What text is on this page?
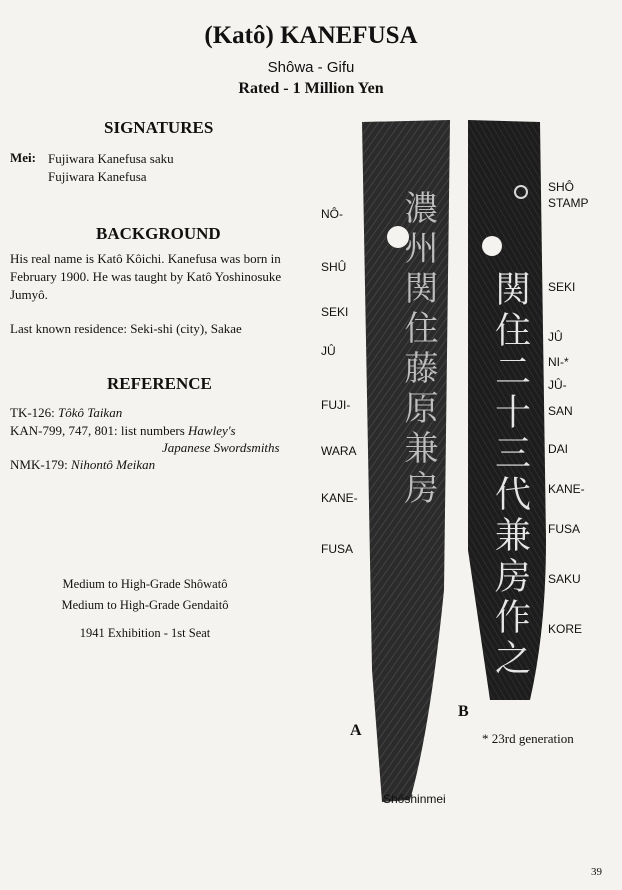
(Katô) KANEFUSA
Shôwa - Gifu
Rated - 1 Million Yen
SIGNATURES
Mei: Fujiwara Kanefusa saku
Fujiwara Kanefusa
BACKGROUND
His real name is Katô Kôichi. Kanefusa was born in February 1900. He was taught by Katô Yoshinosuke Jumyô.
Last known residence: Seki-shi (city), Sakae
REFERENCE
TK-126: Tôkô Taikan
KAN-799, 747, 801: list numbers Hawley's
Japanese Swordsmiths
NMK-179: Nihontô Meikan
Medium to High-Grade Shôwatô
Medium to High-Grade Gendaitô
1941 Exhibition - 1st Seat
濃州関住藤原兼房 関住二十三代兼房作之
NÔ-
SHÛ
SEKI
JÛ
FUJI-
WARA
KANE-
FUSA
SHÔ
STAMP
SEKI
JÛ
NI-*
JÛ-
SAN
DAI
KANE-
FUSA
SAKU
KORE
A
B
* 23rd generation
Shôshinmei
39
